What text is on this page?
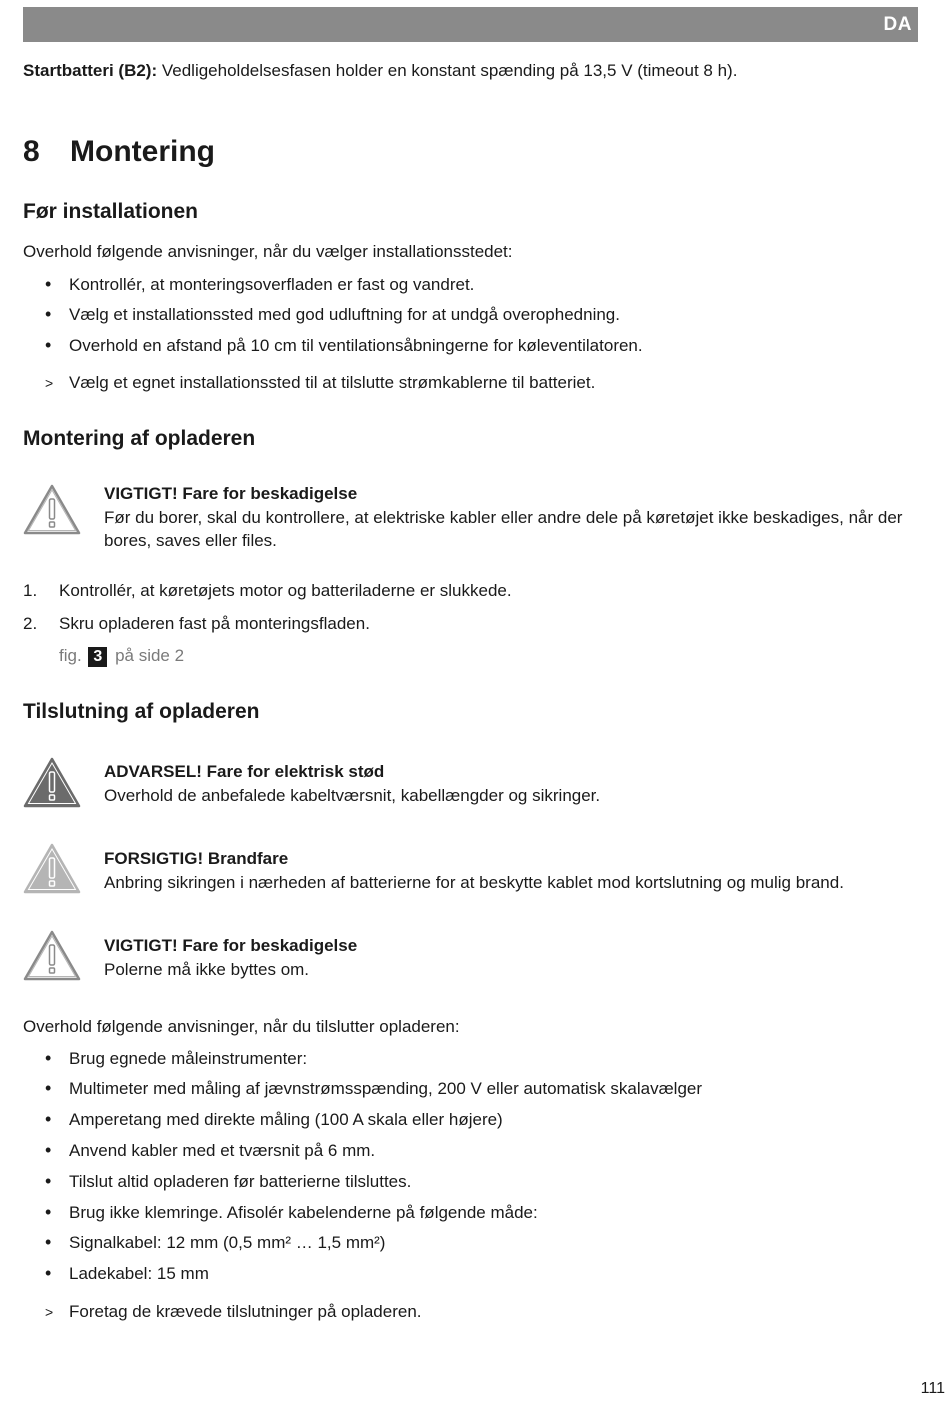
DA
Startbatteri (B2): Vedligeholdelsesfasen holder en konstant spænding på 13,5 V (timeout 8 h).
8 Montering
Før installationen
Overhold følgende anvisninger, når du vælger installationsstedet:
• Kontrollér, at monteringsoverfladen er fast og vandret.
• Vælg et installationssted med god udluftning for at undgå overophedning.
• Overhold en afstand på 10 cm til ventilationsåbningerne for køleventilatoren.
> Vælg et egnet installationssted til at tilslutte strømkablerne til batteriet.
Montering af opladeren
VIGTIGT! Fare for beskadigelse
Før du borer, skal du kontrollere, at elektriske kabler eller andre dele på køretøjet ikke beskadiges, når der bores, saves eller files.
1. Kontrollér, at køretøjets motor og batteriladerne er slukkede.
2. Skru opladeren fast på monteringsfladen.
fig. 3 på side 2
Tilslutning af opladeren
ADVARSEL! Fare for elektrisk stød
Overhold de anbefalede kabeltværsnit, kabellængder og sikringer.
FORSIGTIG! Brandfare
Anbring sikringen i nærheden af batterierne for at beskytte kablet mod kortslutning og mulig brand.
VIGTIGT! Fare for beskadigelse
Polerne må ikke byttes om.
Overhold følgende anvisninger, når du tilslutter opladeren:
• Brug egnede måleinstrumenter:
• Multimeter med måling af jævnstrømsspænding, 200 V eller automatisk skalavælger
• Amperetang med direkte måling (100 A skala eller højere)
• Anvend kabler med et tværsnit på 6 mm.
• Tilslut altid opladeren før batterierne tilsluttes.
• Brug ikke klemringe. Afisolér kabelenderne på følgende måde:
• Signalkabel: 12 mm (0,5 mm² … 1,5 mm²)
• Ladekabel: 15 mm
> Foretag de krævede tilslutninger på opladeren.
111
